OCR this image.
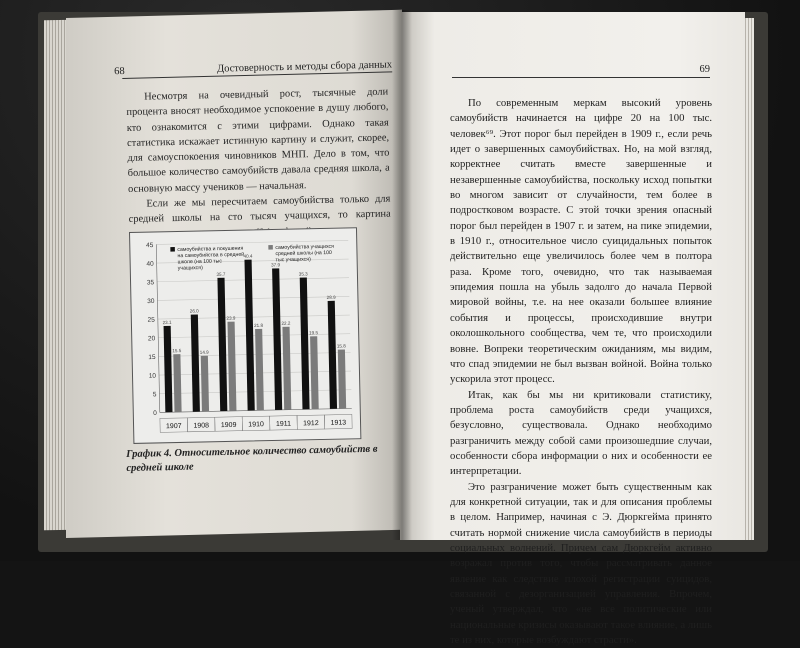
68	Достоверность и методы сбора данных

Несмотря на очевидный рост, тысячные доли процента вносят необходимое успокоение в душу любого, кто ознакомится с этими цифрами. Однако такая статистика искажает истинную картину и служит, скорее, для самоуспокоения чиновников МНП. Дело в том, что большое количество самоубийств давала средняя школа, а основную массу учеников — начальная.

Если же мы пересчитаем самоубийства только для средней школы на сто тысяч учащихся, то картина

0
5
10
15
20
25
30
35
40
45
23.1
15.5
1907
26.0
14.9
1908
35.7
23.9
1909
40.4
21.8
1910
37.9
22.2
1911
35.3
19.5
1912
28.9
15.8
1913
самоубийства и покушенияна самоубийства в среднейшколе (на 100 тысучащихся)
самоубийства учащихсясредней школы (на 100тыс учащихся)
График 4. Относительное количество самоубийств в средней школе
69

По современным меркам высокий уровень самоубийств начинается на цифре 20 на 100 тыс. человек⁶⁹. Этот порог был перейден в 1909 г., если речь идет о завершенных самоубийствах. Но, на мой взгляд, корректнее считать вместе завершенные и незавершенные самоубийства, поскольку исход попытки во многом зависит от случайности, тем более в подростковом возрасте. С этой точки зрения опасный порог был перейден в 1907 г. и затем, на пике эпидемии, в 1910 г., относительное число суицидальных попыток действительно еще увеличилось более чем в полтора раза. Кроме того, очевидно, что так называемая эпидемия пошла на убыль задолго до начала Первой мировой войны, т.е. на нее оказали большее влияние события и процессы, происходившие внутри околошкольного сообщества, чем те, что происходили вовне. Вопреки теоретическим ожиданиям, мы видим, что спад эпидемии не был вызван войной. Война только ускорила этот процесс.

Итак, как бы мы ни критиковали статистику, проблема роста самоубийств среди учащихся, безусловно, существовала. Однако необходимо разграничить между собой сами произошедшие случаи, особенности сбора информации о них и особенности ее интерпретации.

Это разграничение может быть существенным как для конкретной ситуации, так и для описания проблемы в целом. Например, начиная с Э. Дюркгейма принято считать нормой снижение числа самоубийств в периоды социальных волнений. Причем сам Дюркгейм активно возражал против того, чтобы рассматривать данное явление как следствие плохой регистрации суицидов, связанной с дезорганизацией управления. Впрочем, ученый утверждал, что «не все политические или национальные кризисы оказывают такое влияние, а лишь те из них, которые возбуждают страсти».
